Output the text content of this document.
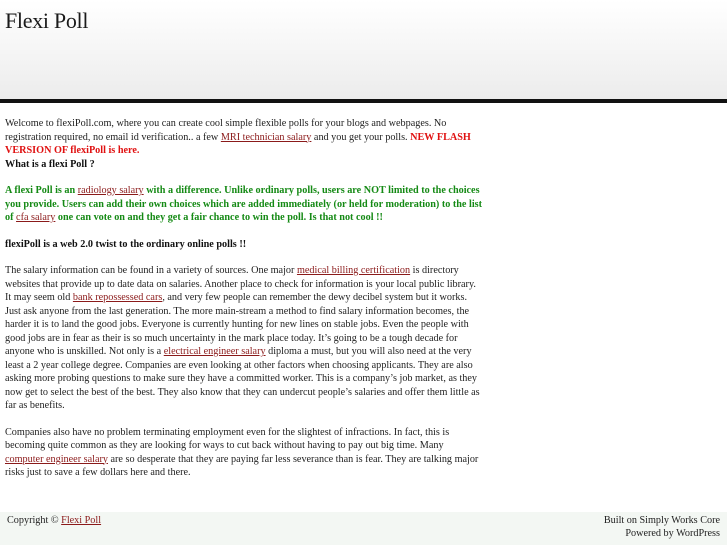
Flexi Poll

Welcome to flexiPoll.com, where you can create cool simple flexible polls for your blogs and webpages. No registration required, no email id verification.. a few MRI technician salary and you get your polls. NEW FLASH VERSION OF flexiPoll is here.
What is a flexi Poll ?

A flexi Poll is an radiology salary with a difference. Unlike ordinary polls, users are NOT limited to the choices you provide. Users can add their own choices which are added immediately (or held for moderation) to the list of cfa salary one can vote on and they get a fair chance to win the poll. Is that not cool !!

flexiPoll is a web 2.0 twist to the ordinary online polls !!

The salary information can be found in a variety of sources. One major medical billing certification is directory websites that provide up to date data on salaries. Another place to check for information is your local public library. It may seem old bank repossessed cars, and very few people can remember the dewy decibel system but it works. Just ask anyone from the last generation. The more main-stream a method to find salary information becomes, the harder it is to land the good jobs. Everyone is currently hunting for new lines on stable jobs. Even the people with good jobs are in fear as their is so much uncertainty in the mark place today. It’s going to be a tough decade for anyone who is unskilled. Not only is a electrical engineer salary diploma a must, but you will also need at the very least a 2 year college degree. Companies are even looking at other factors when choosing applicants. They are also asking more probing questions to make sure they have a committed worker. This is a company’s job market, as they now get to select the best of the best. They also know that they can undercut people’s salaries and offer them little as far as benefits.

Companies also have no problem terminating employment even for the slightest of infractions. In fact, this is becoming quite common as they are looking for ways to cut back without having to pay out big time. Many computer engineer salary are so desperate that they are paying far less severance than is fear. They are talking major risks just to save a few dollars here and there.

Copyright © Flexi Poll	Built on Simply Works Core
Powered by WordPress
